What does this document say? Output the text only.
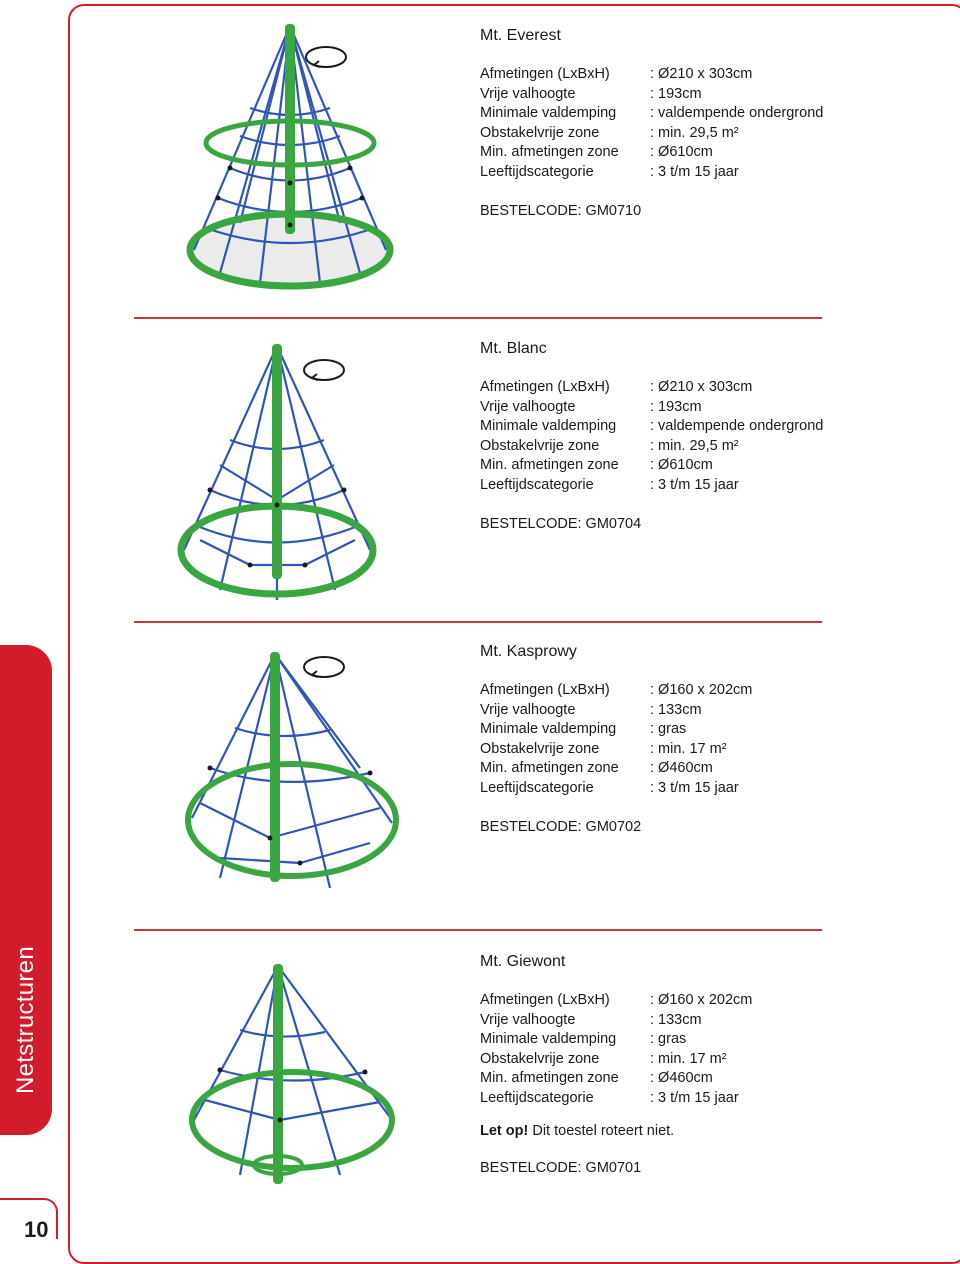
Netstructuren
10
Mt. Everest
Afmetingen (LxBxH)	: Ø210 x 303cm
Vrije valhoogte	: 193cm
Minimale valdemping	: valdempende ondergrond
Obstakelvrije zone	: min. 29,5 m²
Min. afmetingen zone	: Ø610cm
Leeftijdscategorie	: 3 t/m 15 jaar
BESTELCODE: GM0710
Mt. Blanc
Afmetingen (LxBxH)	: Ø210 x 303cm
Vrije valhoogte	: 193cm
Minimale valdemping	: valdempende ondergrond
Obstakelvrije zone	: min. 29,5 m²
Min. afmetingen zone	: Ø610cm
Leeftijdscategorie	: 3 t/m 15 jaar
BESTELCODE: GM0704
Mt. Kasprowy
Afmetingen (LxBxH)	: Ø160 x 202cm
Vrije valhoogte	: 133cm
Minimale valdemping	: gras
Obstakelvrije zone	: min. 17 m²
Min. afmetingen zone	: Ø460cm
Leeftijdscategorie	: 3 t/m 15 jaar
BESTELCODE: GM0702
Mt. Giewont
Afmetingen (LxBxH)	: Ø160 x 202cm
Vrije valhoogte	: 133cm
Minimale valdemping	: gras
Obstakelvrije zone	: min. 17 m²
Min. afmetingen zone	: Ø460cm
Leeftijdscategorie	: 3 t/m 15 jaar
Let op! Dit toestel roteert niet.
BESTELCODE: GM0701
